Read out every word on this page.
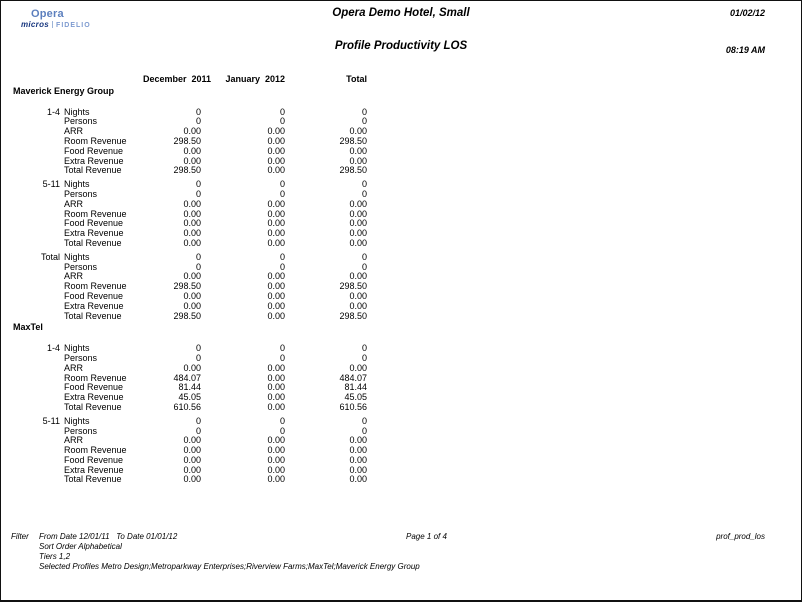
Opera
micros FIDELIO
Opera Demo Hotel, Small
Profile Productivity LOS
01/02/12
08:19 AM
December  2011	January  2012	Total
Maverick Energy Group
1-4 Nights	0	0	0
Persons	0	0	0
ARR	0.00	0.00	0.00
Room Revenue	298.50	0.00	298.50
Food Revenue	0.00	0.00	0.00
Extra Revenue	0.00	0.00	0.00
Total Revenue	298.50	0.00	298.50
5-11 Nights	0	0	0
Persons	0	0	0
ARR	0.00	0.00	0.00
Room Revenue	0.00	0.00	0.00
Food Revenue	0.00	0.00	0.00
Extra Revenue	0.00	0.00	0.00
Total Revenue	0.00	0.00	0.00
Total Nights	0	0	0
Persons	0	0	0
ARR	0.00	0.00	0.00
Room Revenue	298.50	0.00	298.50
Food Revenue	0.00	0.00	0.00
Extra Revenue	0.00	0.00	0.00
Total Revenue	298.50	0.00	298.50
MaxTel
1-4 Nights	0	0	0
Persons	0	0	0
ARR	0.00	0.00	0.00
Room Revenue	484.07	0.00	484.07
Food Revenue	81.44	0.00	81.44
Extra Revenue	45.05	0.00	45.05
Total Revenue	610.56	0.00	610.56
5-11 Nights	0	0	0
Persons	0	0	0
ARR	0.00	0.00	0.00
Room Revenue	0.00	0.00	0.00
Food Revenue	0.00	0.00	0.00
Extra Revenue	0.00	0.00	0.00
Total Revenue	0.00	0.00	0.00
Filter From Date 12/01/11   To Date 01/01/12
Sort Order Alphabetical
Tiers 1,2
Selected Profiles Metro Design;Metroparkway Enterprises;Riverview Farms;MaxTel;Maverick Energy Group
Page 1 of 4	prof_prod_los
